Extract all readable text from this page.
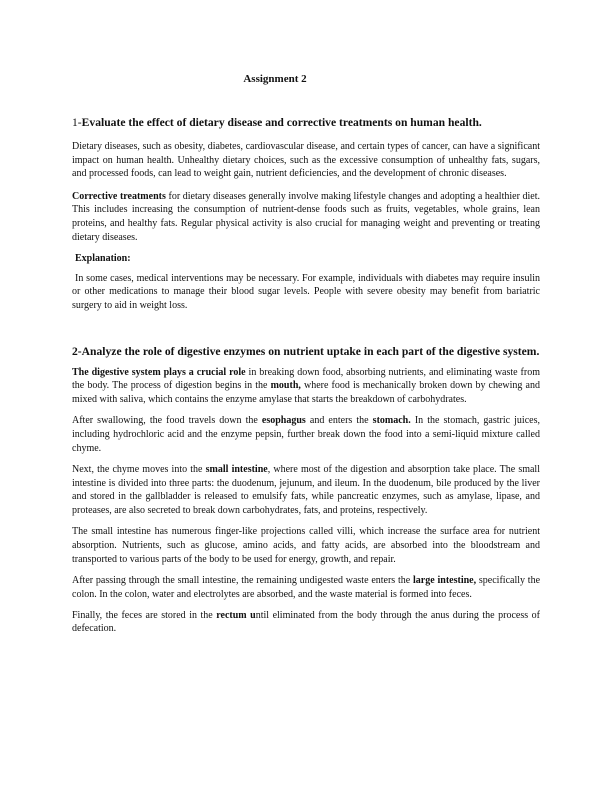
Assignment 2
1-Evaluate the effect of dietary disease and corrective treatments on human health.
Dietary diseases, such as obesity, diabetes, cardiovascular disease, and certain types of cancer, can have a significant impact on human health. Unhealthy dietary choices, such as the excessive consumption of unhealthy fats, sugars, and processed foods, can lead to weight gain, nutrient deficiencies, and the development of chronic diseases.
Corrective treatments for dietary diseases generally involve making lifestyle changes and adopting a healthier diet. This includes increasing the consumption of nutrient-dense foods such as fruits, vegetables, whole grains, lean proteins, and healthy fats. Regular physical activity is also crucial for managing weight and preventing or treating dietary diseases.
Explanation:
In some cases, medical interventions may be necessary. For example, individuals with diabetes may require insulin or other medications to manage their blood sugar levels. People with severe obesity may benefit from bariatric surgery to aid in weight loss.
2-Analyze the role of digestive enzymes on nutrient uptake in each part of the digestive system.
The digestive system plays a crucial role in breaking down food, absorbing nutrients, and eliminating waste from the body. The process of digestion begins in the mouth, where food is mechanically broken down by chewing and mixed with saliva, which contains the enzyme amylase that starts the breakdown of carbohydrates.
After swallowing, the food travels down the esophagus and enters the stomach. In the stomach, gastric juices, including hydrochloric acid and the enzyme pepsin, further break down the food into a semi-liquid mixture called chyme.
Next, the chyme moves into the small intestine, where most of the digestion and absorption take place. The small intestine is divided into three parts: the duodenum, jejunum, and ileum. In the duodenum, bile produced by the liver and stored in the gallbladder is released to emulsify fats, while pancreatic enzymes, such as amylase, lipase, and proteases, are also secreted to break down carbohydrates, fats, and proteins, respectively.
The small intestine has numerous finger-like projections called villi, which increase the surface area for nutrient absorption. Nutrients, such as glucose, amino acids, and fatty acids, are absorbed into the bloodstream and transported to various parts of the body to be used for energy, growth, and repair.
After passing through the small intestine, the remaining undigested waste enters the large intestine, specifically the colon. In the colon, water and electrolytes are absorbed, and the waste material is formed into feces.
Finally, the feces are stored in the rectum until eliminated from the body through the anus during the process of defecation.
